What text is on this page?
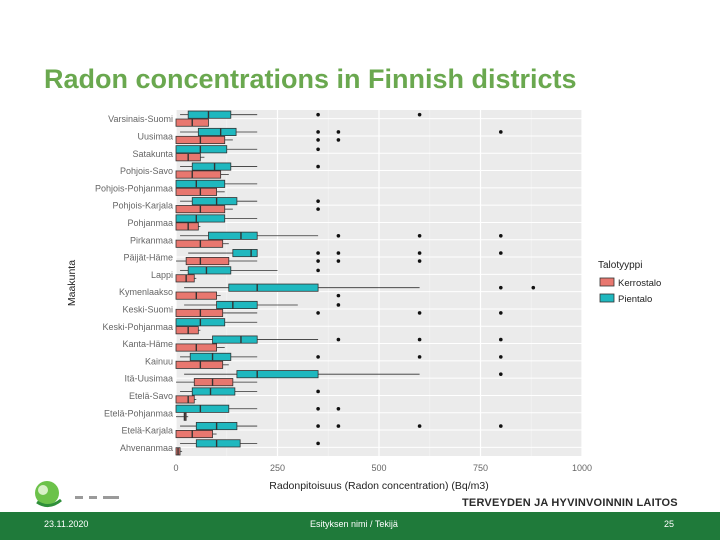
Radon concentrations in Finnish districts
Varsinais-Suomi
Uusimaa
Satakunta
Pohjois-Savo
Pohjois-Pohjanmaa
Pohjois-Karjala
Pohjanmaa
Pirkanmaa
Päijät-Häme
Lappi
Kymenlaakso
Keski-Suomi
Keski-Pohjanmaa
Kanta-Häme
Kainuu
Itä-Uusimaa
Etelä-Savo
Etelä-Pohjanmaa
Etelä-Karjala
Ahvenanmaa
0	250	500	750	1000
Radonpitoisuus (Radon concentration) (Bq/m3)
Maakunta	Talotyyppi
Kerrostalo
Pientalo
TERVEYDEN JA HYVINVOINNIN LAITOS
23.11.2020	Esityksen nimi / Tekijä	25
